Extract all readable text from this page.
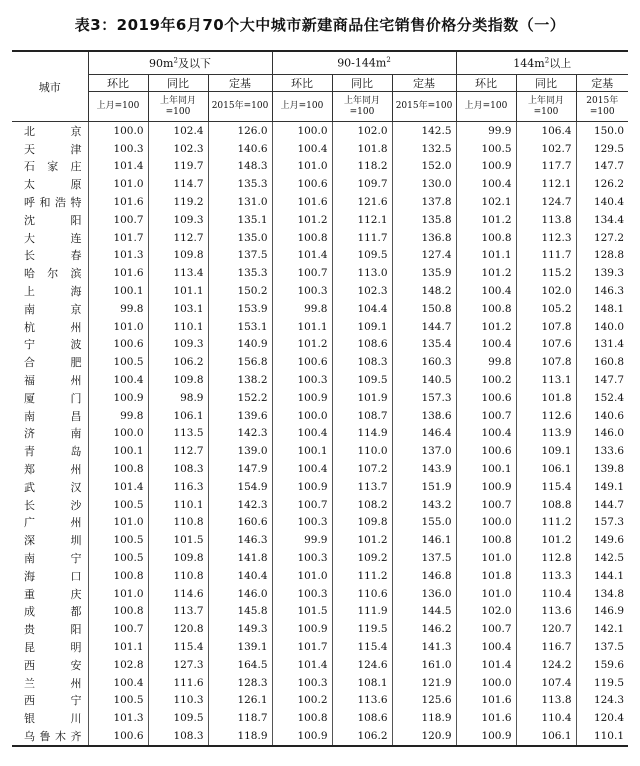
表3：2019年6月70个大中城市新建商品住宅销售价格分类指数（一）
城市	$90m^2$及以下			$90-144m^2$			$144m^2$以上		
	环比	同比	定基	环比	同比	定基	环比	同比	定基
	上月=100	上年同月=100	2015年=100	上月=100	上年同月=100	2015年=100	上月=100	上年同月=100	2015年=100
北京	100.0	102.4	126.0	100.0	102.0	142.5	99.9	106.4	150.0
天津	100.3	102.3	140.6	100.4	101.8	132.5	100.5	102.7	129.5
石家庄	101.4	119.7	148.3	101.0	118.2	152.0	100.9	117.7	147.7
太原	101.0	114.7	135.3	100.6	109.7	130.0	100.4	112.1	126.2
呼和浩特	101.6	119.2	131.0	101.6	121.6	137.8	102.1	124.7	140.4
沈阳	100.7	109.3	135.1	101.2	112.1	135.8	101.2	113.8	134.4
大连	101.7	112.7	135.0	100.8	111.7	136.8	100.8	112.3	127.2
长春	101.3	109.8	137.5	101.4	109.5	127.4	101.1	111.7	128.8
哈尔滨	101.6	113.4	135.3	100.7	113.0	135.9	101.2	115.2	139.3
上海	100.1	101.1	150.2	100.3	102.3	148.2	100.4	102.0	146.3
南京	99.8	103.1	153.9	99.8	104.4	150.8	100.8	105.2	148.1
杭州	101.0	110.1	153.1	101.1	109.1	144.7	101.2	107.8	140.0
宁波	100.6	109.3	140.9	101.2	108.6	135.4	100.4	107.6	131.4
合肥	100.5	106.2	156.8	100.6	108.3	160.3	99.8	107.8	160.8
福州	100.4	109.8	138.2	100.3	109.5	140.5	100.2	113.1	147.7
厦门	100.9	98.9	152.2	100.9	101.9	157.3	100.6	101.8	152.4
南昌	99.8	106.1	139.6	100.0	108.7	138.6	100.7	112.6	140.6
济南	100.0	113.5	142.3	100.4	114.9	146.4	100.4	113.9	146.0
青岛	100.1	112.7	139.0	100.1	110.0	137.0	100.6	109.1	133.6
郑州	100.8	108.3	147.9	100.4	107.2	143.9	100.1	106.1	139.8
武汉	101.4	116.3	154.9	100.9	113.7	151.9	100.9	115.4	149.1
长沙	100.5	110.1	142.3	100.7	108.2	143.2	100.7	108.8	144.7
广州	101.0	110.8	160.6	100.3	109.8	155.0	100.0	111.2	157.3
深圳	100.5	101.5	146.3	99.9	101.2	146.1	100.8	101.2	149.6
南宁	100.5	109.8	141.8	100.3	109.2	137.5	101.0	112.8	142.5
海口	100.8	110.8	140.4	101.0	111.2	146.8	101.8	113.3	144.1
重庆	101.0	114.6	146.0	100.3	110.6	136.0	101.0	110.4	134.8
成都	100.8	113.7	145.8	101.5	111.9	144.5	102.0	113.6	146.9
贵阳	100.7	120.8	149.3	100.9	119.5	146.2	100.7	120.7	142.1
昆明	101.1	115.4	139.1	101.7	115.4	141.3	100.4	116.7	137.5
西安	102.8	127.3	164.5	101.4	124.6	161.0	101.4	124.2	159.6
兰州	100.4	111.6	128.3	100.3	108.1	121.9	100.0	107.4	119.5
西宁	100.5	110.3	126.1	100.2	113.6	125.6	101.6	113.8	124.3
银川	101.3	109.5	118.7	100.8	108.6	118.9	101.6	110.4	120.4
乌鲁木齐	100.6	108.3	118.9	100.9	106.2	120.9	100.9	106.1	110.1
